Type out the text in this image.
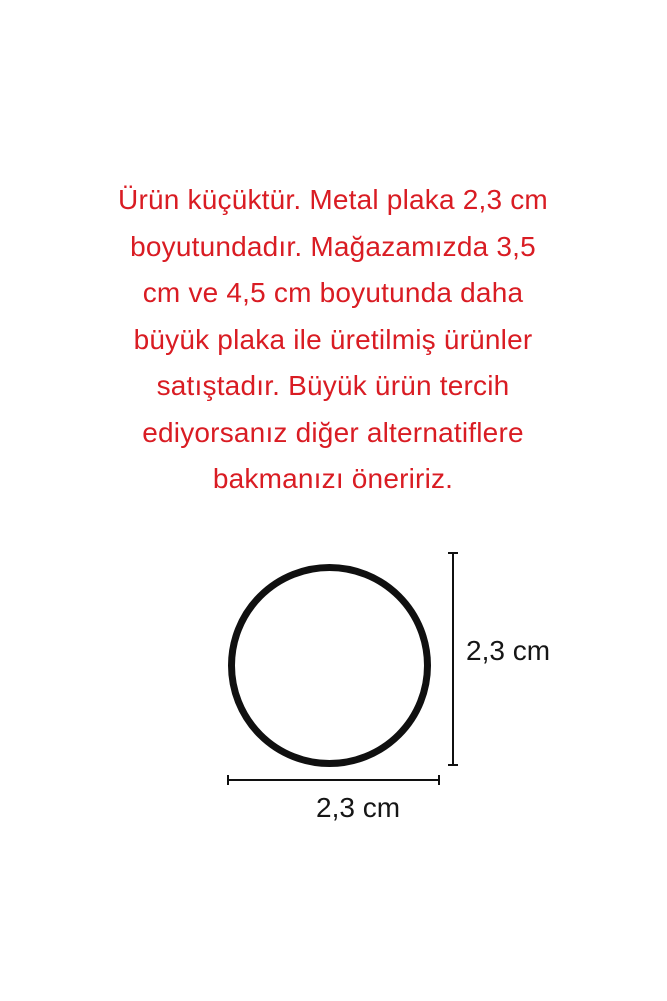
Ürün küçüktür. Metal plaka 2,3 cm
boyutundadır. Mağazamızda 3,5
cm ve 4,5 cm boyutunda daha
büyük plaka ile üretilmiş ürünler
satıştadır. Büyük ürün tercih
ediyorsanız diğer alternatiflere
bakmanızı öneririz.
2,3 cm
2,3 cm
